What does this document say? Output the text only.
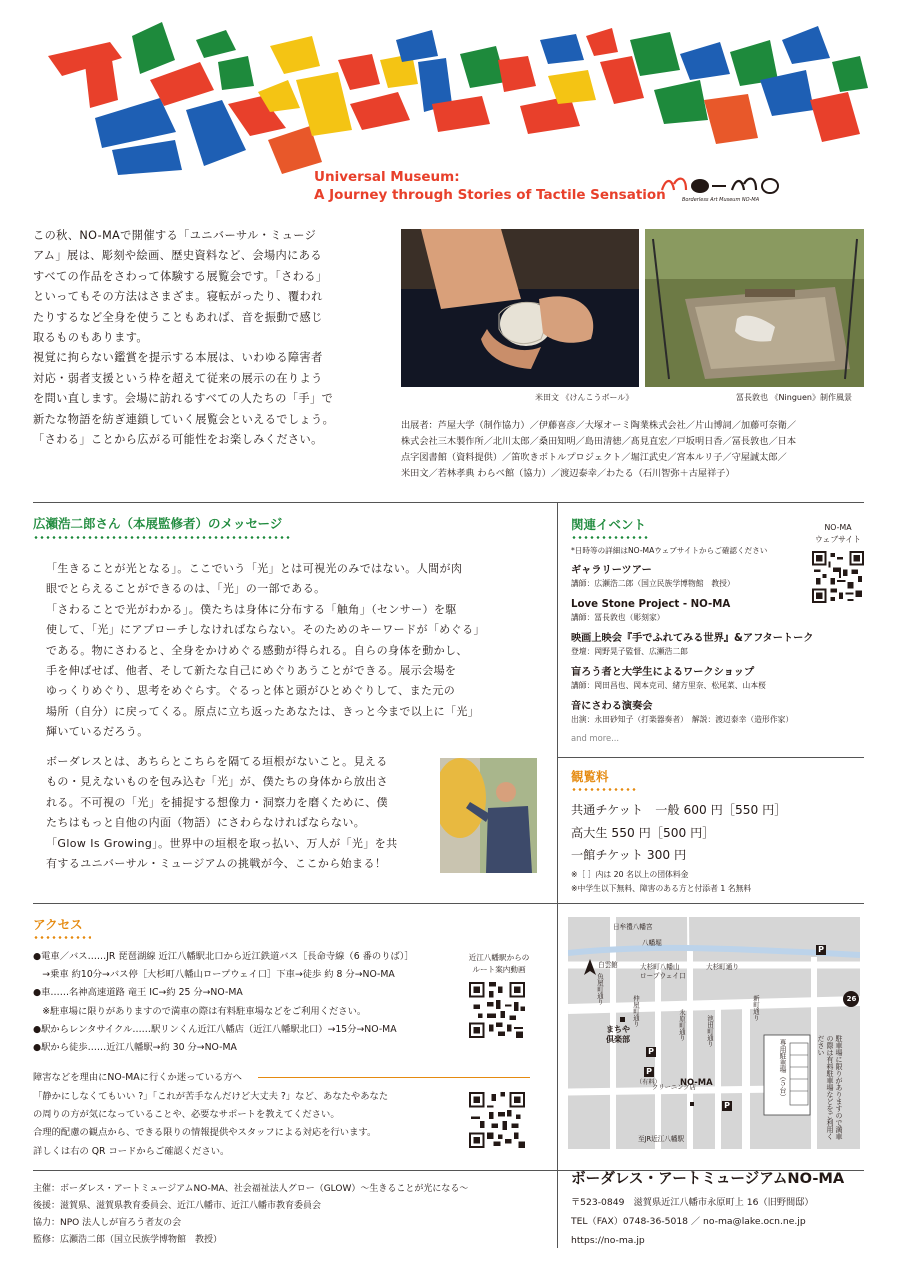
Universal Museum:
A Journey through Stories of Tactile Sensation	Borderless Art Museum NO-MA
この秋、NO-MAで開催する「ユニバーサル・ミュージ
アム」展は、彫刻や絵画、歴史資料など、会場内にある
すべての作品をさわって体験する展覧会です。「さわる」
といってもその方法はさまざま。寝転がったり、覆われ
たりするなど全身を使うこともあれば、音を振動で感じ
取るものもあります。
視覚に拘らない鑑賞を提示する本展は、いわゆる障害者
対応・弱者支援という枠を超えて従来の展示の在りよう
を問い直します。会場に訪れるすべての人たちの「手」で
新たな物語を紡ぎ連鎖していく展覧会といえるでしょう。
「さわる」ことから広がる可能性をお楽しみください。
米田文 《けんこうボール》	冨長敦也 《Ninguen》制作風景
出展者：芦屋大学（制作協力）／伊藤喜彦／大塚オーミ陶業株式会社／片山博詞／加藤可奈衛／
株式会社三木製作所／北川太郎／桑田知明／島田清徳／髙見直宏／戸坂明日香／冨長敦也／日本
点字図書館（資料提供）／笛吹きボトルプロジェクト／堀江武史／宮本ルリ子／守屋誠太郎／
米田文／若林孝典 わらべ館（協力）／渡辺泰幸／わたる（石川智弥＋古屋祥子）
広瀬浩二郎さん（本展監修者）のメッセージ
「生きることが光となる」。ここでいう「光」とは可視光のみではない。人間が肉
眼でとらえることができるのは、「光」の一部である。
「さわることで光がわかる」。僕たちは身体に分布する「触角」（センサー）を駆
使して、「光」にアプローチしなければならない。そのためのキーワードが「めぐる」
である。物にさわると、全身をかけめぐる感動が得られる。自らの身体を動かし、
手を伸ばせば、他者、そして新たな自己にめぐりあうことができる。展示会場を
ゆっくりめぐり、思考をめぐらす。ぐるっと体と頭がひとめぐりして、また元の
場所（自分）に戻ってくる。原点に立ち返ったあなたは、きっと今まで以上に「光」
輝いているだろう。
ボーダレスとは、あちらとこちらを隔てる垣根がないこと。見える
もの・見えないものを包み込む「光」が、僕たちの身体から放出さ
れる。不可視の「光」を捕捉する想像力・洞察力を磨くために、僕
たちはもっと自他の内面（物語）にさわらなければならない。
「Glow Is Growing」。世界中の垣根を取っ払い、万人が「光」を共
有するユニバーサル・ミュージアムの挑戦が今、ここから始まる！
関連イベント
*日時等の詳細はNO-MAウェブサイトからご確認ください
NO-MA
ウェブサイト
ギャラリーツアー
講師：広瀬浩二郎（国立民族学博物館　教授）
Love Stone Project - NO-MA
講師：冨長敦也（彫刻家）
映画上映会『手でふれてみる世界』&アフタートーク
登壇：岡野晃子監督、広瀬浩二郎
盲ろう者と大学生によるワークショップ
講師：岡田昌也、岡本克司、緒方里奈、松尾菜、山本桜
音にさわる演奏会
出演：永田砂知子（打楽器奏者）　解説：渡辺泰幸（造形作家）
and more...
観覧料
共通チケット　一般 600 円［550 円］
高大生 550 円［500 円］
一館チケット 300 円
※［ ］内は 20 名以上の団体料金
※中学生以下無料、障害のある方と付添者 1 名無料
アクセス
●電車／バス……JR 琵琶湖線 近江八幡駅北口から近江鉄道バス［長命寺線（6 番のりば）］
　→乗車 約10分→バス停［大杉町八幡山ロープウェイ口］下車→徒歩 約 8 分→NO-MA
●車……名神高速道路 竜王 IC→約 25 分→NO-MA
　※駐車場に限りがありますので満車の際は有料駐車場などをご利用ください。
●駅からレンタサイクル……駅リンくん近江八幡店（近江八幡駅北口）→15分→NO-MA
●駅から徒歩……近江八幡駅→約 30 分→NO-MA
近江八幡駅からの
ルート案内動画
障害などを理由にNO-MAに行くか迷っている方へ
「静かにしなくてもいい ?」「これが苦手なんだけど大丈夫 ?」など、あなたやあなた
の周りの方が気になっていることや、必要なサポートを教えてください。
合理的配慮の観点から、できる限りの情報提供やスタッフによる対応を行います。
詳しくは右の QR コードからご確認ください。
日牟禮八幡宮
八幡堀
白雲館	大杉町八幡山
ロープウェイ口
大杉町通り
まちや
倶楽部
クリーニング店
NO-MA
（有料）
至JR近江八幡駅
P
P
P
P
26
専用駐車場（５台）	駐車場に限りがありますので満車の際は有料駐車場などをご利用ください
新町通り
仲屋町通り	永原町通り	池田町通り
魚屋町通り
主催：ボーダレス・アートミュージアムNO-MA、社会福祉法人グロー（GLOW）～生きることが光になる～
後援：滋賀県、滋賀県教育委員会、近江八幡市、近江八幡市教育委員会
協力：NPO 法人しが盲ろう者友の会
監修：広瀬浩二郎（国立民族学博物館　教授）
ボーダレス・アートミュージアムNO-MA
〒523-0849　滋賀県近江八幡市永原町上 16（旧野間邸）
TEL（FAX）0748-36-5018 ／ no-ma@lake.ocn.ne.jp
https://no-ma.jp
